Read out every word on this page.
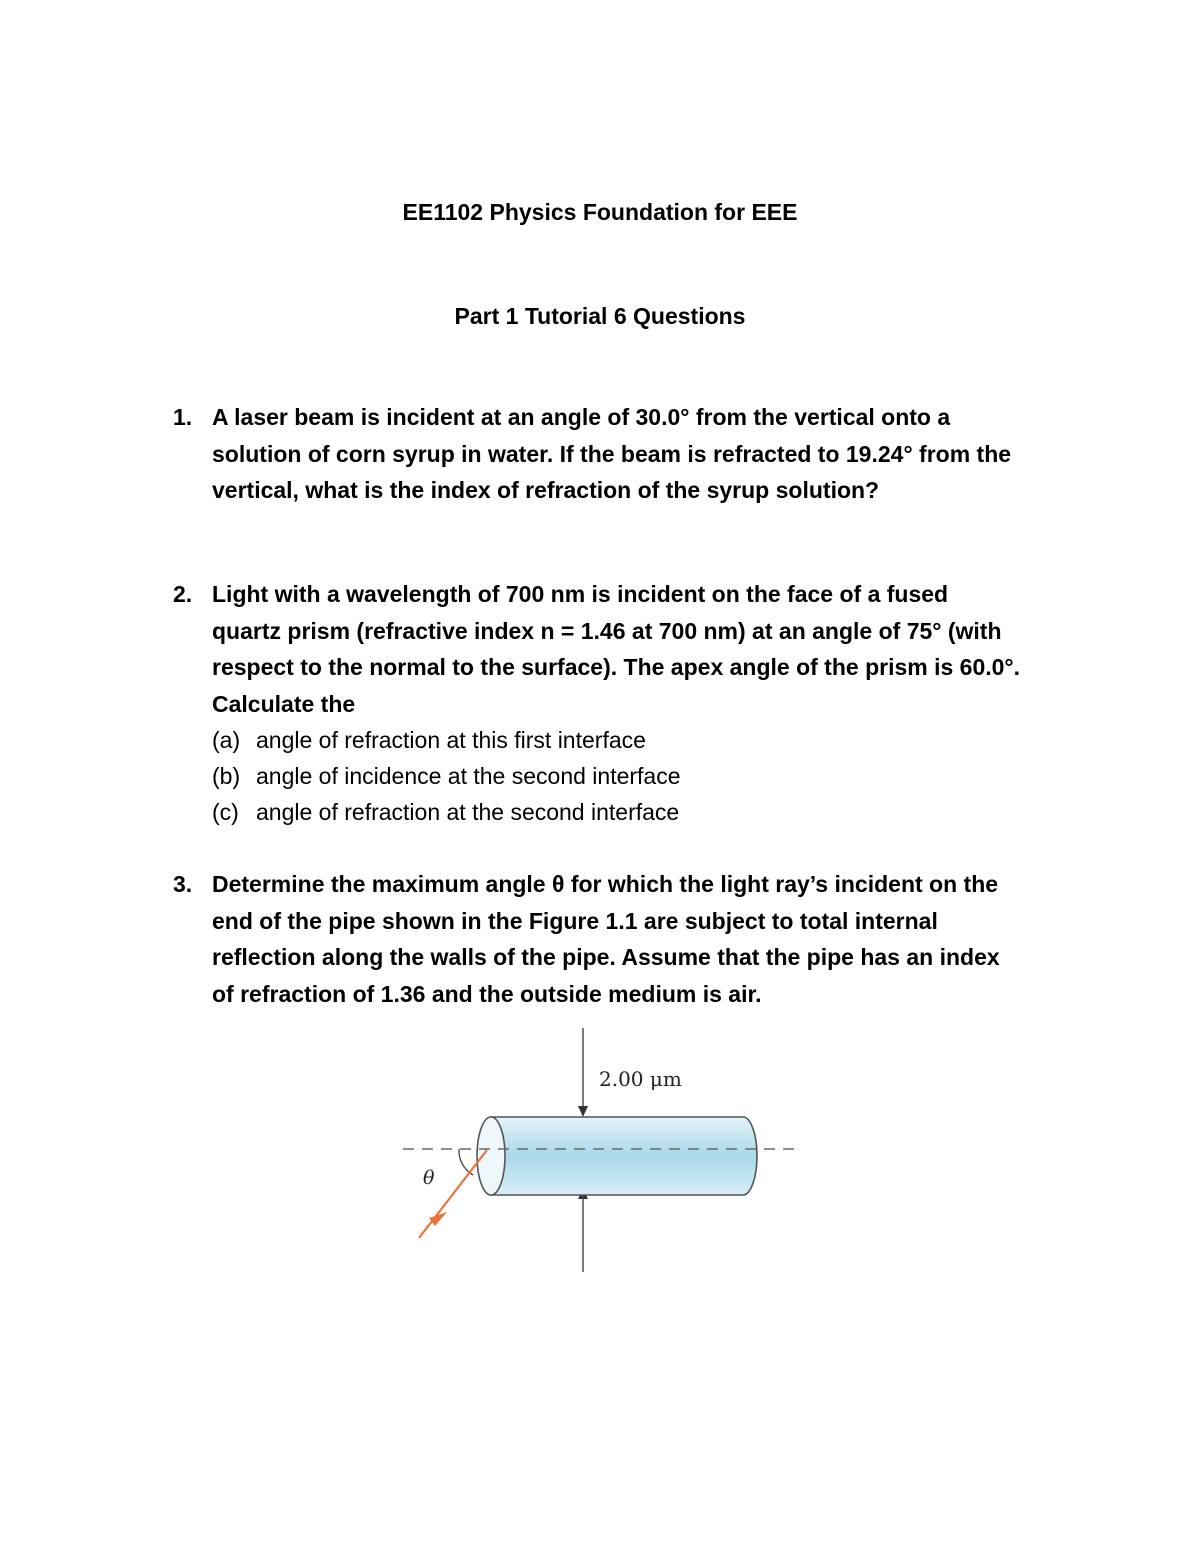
EE1102 Physics Foundation for EEE
Part 1 Tutorial 6 Questions
1. A laser beam is incident at an angle of 30.0° from the vertical onto a
solution of corn syrup in water. If the beam is refracted to 19.24° from the
vertical, what is the index of refraction of the syrup solution?
2. Light with a wavelength of 700 nm is incident on the face of a fused
quartz prism (refractive index n = 1.46 at 700 nm) at an angle of 75° (with
respect to the normal to the surface). The apex angle of the prism is 60.0°.
Calculate the
(a) angle of refraction at this first interface
(b) angle of incidence at the second interface
(c) angle of refraction at the second interface
3. Determine the maximum angle θ for which the light ray’s incident on the
end of the pipe shown in the Figure 1.1 are subject to total internal
reflection along the walls of the pipe. Assume that the pipe has an index
of refraction of 1.36 and the outside medium is air.
2.00 μm
θ
